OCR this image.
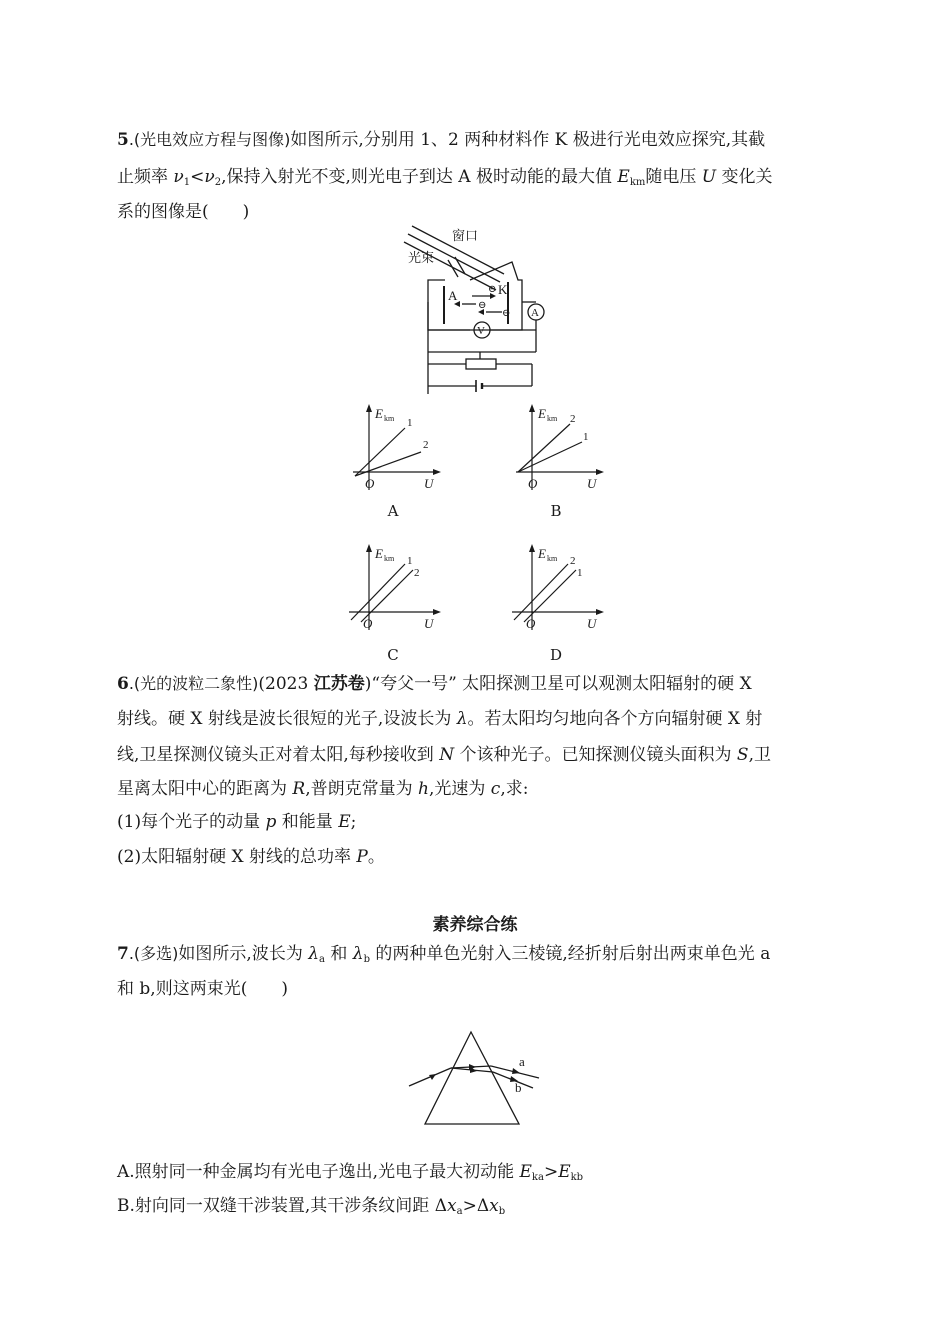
5.(光电效应方程与图像)如图所示,分别用 1、2 两种材料作 K 极进行光电效应探究,其截
止频率 $\nu_1<\nu_2$,保持入射光不变,则光电子到达 A 极时动能的最大值 $E_{km}$随电压 U 变化关
系的图像是(　　)
窗口
光束
A	K
⊖
⊖
⊖ A
V
E km
U
O
1
2
A
E km
U
O
2
1
B
E km
U
O
1
2
C
E km
U
O
2
1
D
6.(光的波粒二象性)(2023 江苏卷)“夸父一号” 太阳探测卫星可以观测太阳辐射的硬 X
射线。硬 X 射线是波长很短的光子,设波长为 λ。若太阳均匀地向各个方向辐射硬 X 射
线,卫星探测仪镜头正对着太阳,每秒接收到 N 个该种光子。已知探测仪镜头面积为 S,卫
星离太阳中心的距离为 R,普朗克常量为 h,光速为 c,求:
(1)每个光子的动量 p 和能量 E;
(2)太阳辐射硬 X 射线的总功率 P。
素养综合练
7.(多选)如图所示,波长为 $\lambda_a$ 和 $\lambda_b$ 的两种单色光射入三棱镜,经折射后射出两束单色光 a
和 b,则这两束光(　　)
a
b
A.照射同一种金属均有光电子逸出,光电子最大初动能 $E_{ka}>E_{kb}$
B.射向同一双缝干涉装置,其干涉条纹间距 $\Delta x_a>\Delta x_b$
